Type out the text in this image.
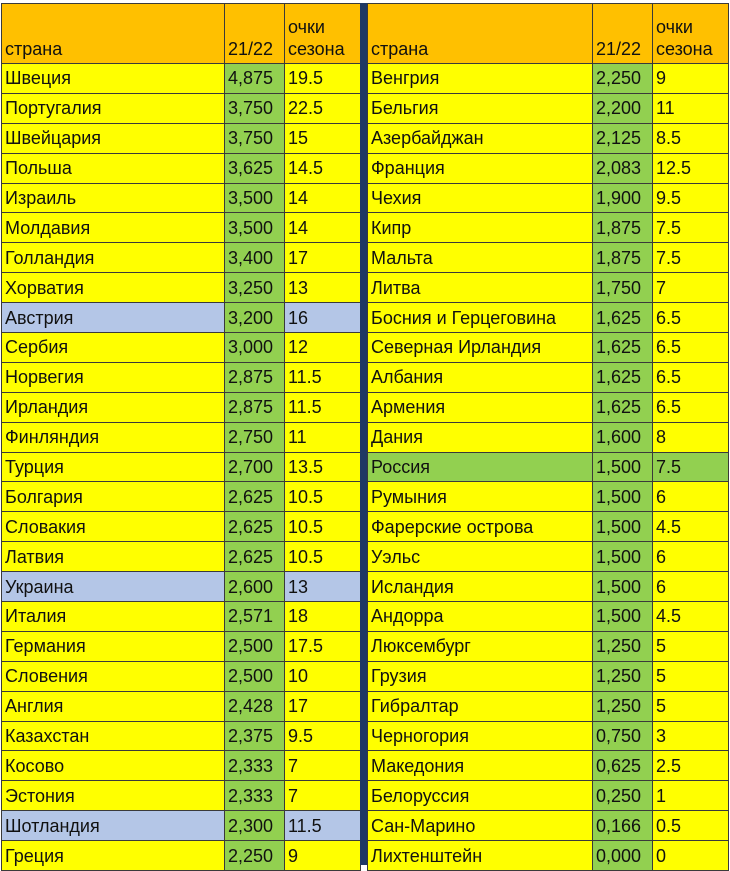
страна	21/22	очки
сезона

Швеция	4,875	19.5
Португалия	3,750	22.5
Швейцария	3,750	15
Польша	3,625	14.5
Израиль	3,500	14
Молдавия	3,500	14
Голландия	3,400	17
Хорватия	3,250	13
Австрия	3,200	16
Сербия	3,000	12
Норвегия	2,875	11.5
Ирландия	2,875	11.5
Финляндия	2,750	11
Турция	2,700	13.5
Болгария	2,625	10.5
Словакия	2,625	10.5
Латвия	2,625	10.5
Украина	2,600	13
Италия	2,571	18
Германия	2,500	17.5
Словения	2,500	10
Англия	2,428	17
Казахстан	2,375	9.5
Косово	2,333	7
Эстония	2,333	7
Шотландия	2,300	11.5
Греция	2,250	9
страна	21/22	очки
сезона

Венгрия	2,250	9
Бельгия	2,200	11
Азербайджан	2,125	8.5
Франция	2,083	12.5
Чехия	1,900	9.5
Кипр	1,875	7.5
Мальта	1,875	7.5
Литва	1,750	7
Босния и Герцеговина	1,625	6.5
Северная Ирландия	1,625	6.5
Албания	1,625	6.5
Армения	1,625	6.5
Дания	1,600	8
Россия	1,500	7.5
Румыния	1,500	6
Фарерские острова	1,500	4.5
Уэльс	1,500	6
Исландия	1,500	6
Андорра	1,500	4.5
Люксембург	1,250	5
Грузия	1,250	5
Гибралтар	1,250	5
Черногория	0,750	3
Македония	0,625	2.5
Белоруссия	0,250	1
Сан-Марино	0,166	0.5
Лихтенштейн	0,000	0
